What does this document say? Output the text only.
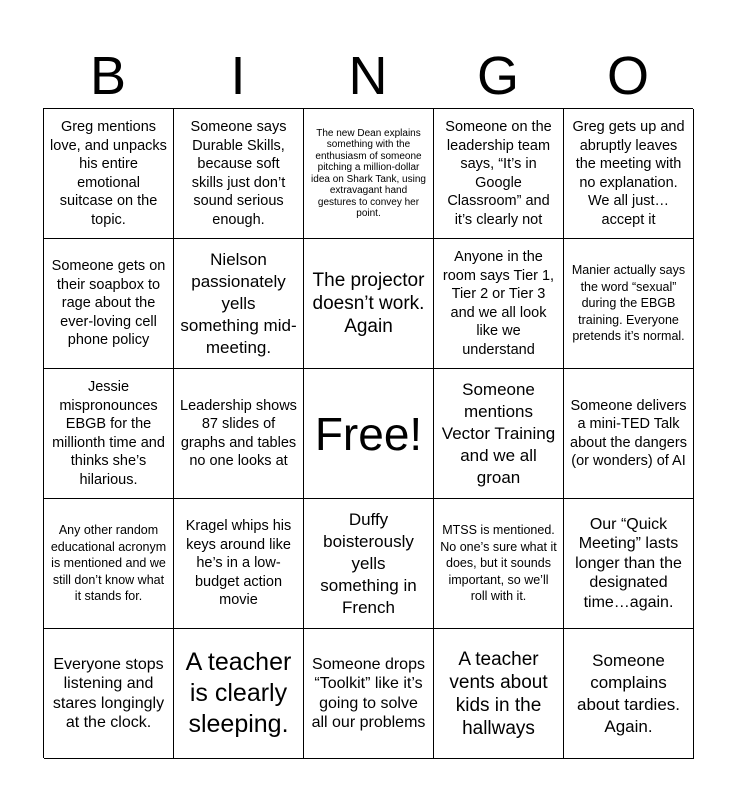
B	I	N	G	O
Greg mentions love, and unpacks his entire emotional suitcase on the topic.
Someone says Durable Skills, because soft skills just don’t sound serious enough.
The new Dean explains something with the enthusiasm of someone pitching a million-dollar idea on Shark Tank, using extravagant hand gestures to convey her point.
Someone on the leadership team says, “It’s in Google Classroom” and it’s clearly not
Greg gets up and abruptly leaves the meeting with no explanation. We all just…accept it
Someone gets on their soapbox to rage about the ever-loving cell phone policy
Nielson passionately yells something mid-meeting.
The projector doesn’t work. Again
Anyone in the room says Tier 1, Tier 2 or Tier 3 and we all look like we understand
Manier actually says the word “sexual” during the EBGB training. Everyone pretends it’s normal.
Jessie mispronounces EBGB for the millionth time and thinks she’s hilarious.
Leadership shows 87 slides of graphs and tables no one looks at
Free!
Someone mentions Vector Training and we all groan
Someone delivers a mini-TED Talk about the dangers (or wonders) of AI
Any other random educational acronym is mentioned and we still don’t know what it stands for.
Kragel whips his keys around like he’s in a low-budget action movie
Duffy boisterously yells something in French
MTSS is mentioned. No one’s sure what it does, but it sounds important, so we’ll roll with it.
Our “Quick Meeting” lasts longer than the designated time…again.
Everyone stops listening and stares longingly at the clock.
A teacher is clearly sleeping.
Someone drops “Toolkit” like it’s going to solve all our problems
A teacher vents about kids in the hallways
Someone complains about tardies. Again.
